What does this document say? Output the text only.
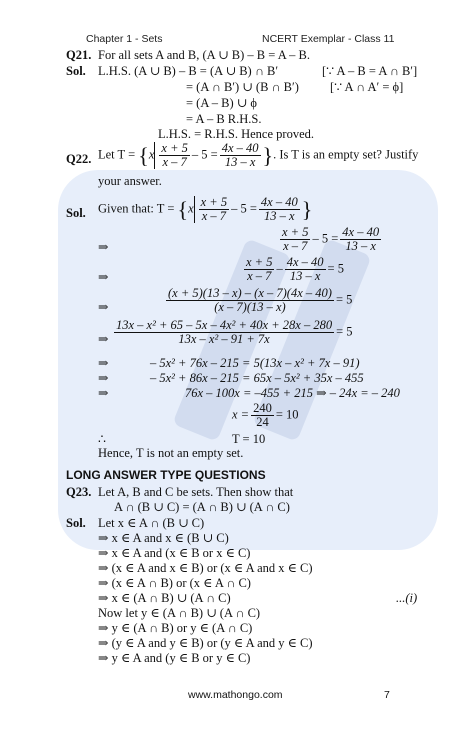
Chapter 1 - Sets	NCERT Exemplar - Class 11
Q21. For all sets A and B, (A ∪ B) – B = A – B.
Sol. L.H.S. (A ∪ B) – B = (A ∪ B) ∩ B′	[∵ A – B = A ∩ B′]
= (A ∩ B′) ∪ (B ∩ B′) [∵ A ∩ A′ = ϕ]
= (A – B) ∪ ϕ
= A – B R.H.S.
L.H.S. = R.H.S. Hence proved.
Q22. Let $T = \{x \frac{x + 5}{x - 7} - 5 = \frac{4x - 40}{13 - x}$ }. Is T is an empty set? Justify
your answer.
Sol. Given that: $T = \{x \frac{x + 5}{x - 7} - 5 = \frac{4x - 40}{13 - x}$ }
⇒	$\frac{x + 5}{x - 7} - 5 = \frac{4x - 40}{13 - x}$
⇒	$\frac{x + 5}{x - 7} - \frac{4x - 40}{13 - x} = 5$
⇒	$\frac{(x + 5)(13 - x) - (x - 7)(4x - 40)}{(x - 7)(13 - x)} = 5$
⇒ $\frac{\text{13x – x² + 65 – 5x – 4x² + 40x + 28x – 280}}{\text{13x – x² – 91 + 7x}} = 5$
⇒	– 5x² + 76x – 215 = 5(13x – x² + 7x – 91)
⇒	– 5x² + 86x – 215 = 65x – 5x² + 35x – 455
⇒	76x – 100x = –455 + 215 ⇒ – 24x = – 240
$x = \frac{240}{24} = 10$
∴	T = 10
Hence, T is not an empty set.
LONG ANSWER TYPE QUESTIONS
Q23. Let A, B and C be sets. Then show that
A ∩ (B ∪ C) = (A ∩ B) ∪ (A ∩ C)
Sol. Let x ∈ A ∩ (B ∪ C)
⇒ x ∈ A and x ∈ (B ∪ C)
⇒ x ∈ A and (x ∈ B or x ∈ C)
⇒ (x ∈ A and x ∈ B) or (x ∈ A and x ∈ C)
⇒ (x ∈ A ∩ B) or (x ∈ A ∩ C)
⇒ x ∈ (A ∩ B) ∪ (A ∩ C)	...(i)
Now let y ∈ (A ∩ B) ∪ (A ∩ C)
⇒ y ∈ (A ∩ B) or y ∈ (A ∩ C)
⇒ (y ∈ A and y ∈ B) or (y ∈ A and y ∈ C)
⇒ y ∈ A and (y ∈ B or y ∈ C)
www.mathongo.com	7
